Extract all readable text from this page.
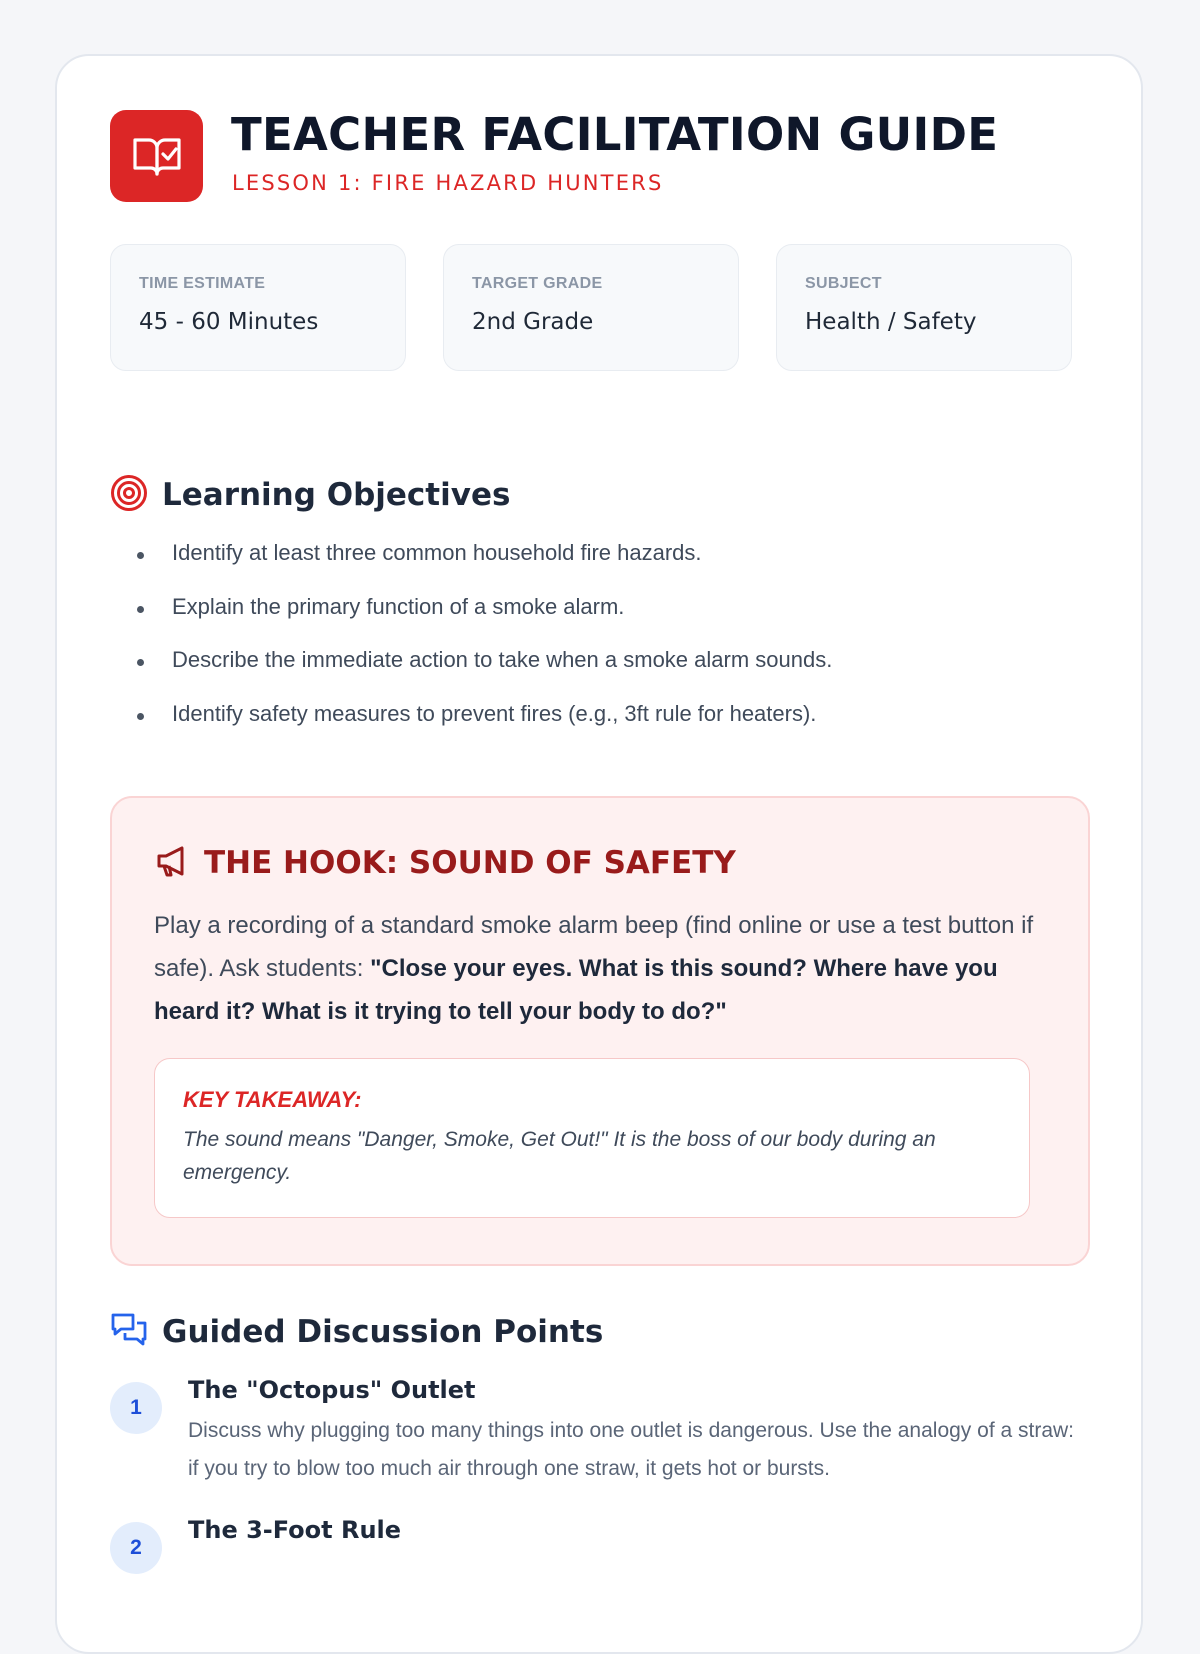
TEACHER FACILITATION GUIDE
LESSON 1: FIRE HAZARD HUNTERS
TIME ESTIMATE
45 - 60 Minutes
TARGET GRADE
2nd Grade
SUBJECT
Health / Safety
Learning Objectives
Identify at least three common household fire hazards.
Explain the primary function of a smoke alarm.
Describe the immediate action to take when a smoke alarm sounds.
Identify safety measures to prevent fires (e.g., 3ft rule for heaters).
THE HOOK: SOUND OF SAFETY
Play a recording of a standard smoke alarm beep (find online or use a test button if safe). Ask students: "Close your eyes. What is this sound? Where have you heard it? What is it trying to tell your body to do?"
KEY TAKEAWAY:
The sound means "Danger, Smoke, Get Out!" It is the boss of our body during an emergency.
Guided Discussion Points
1
The "Octopus" Outlet
Discuss why plugging too many things into one outlet is dangerous. Use the analogy of a straw: if you try to blow too much air through one straw, it gets hot or bursts.
2
The 3-Foot Rule
